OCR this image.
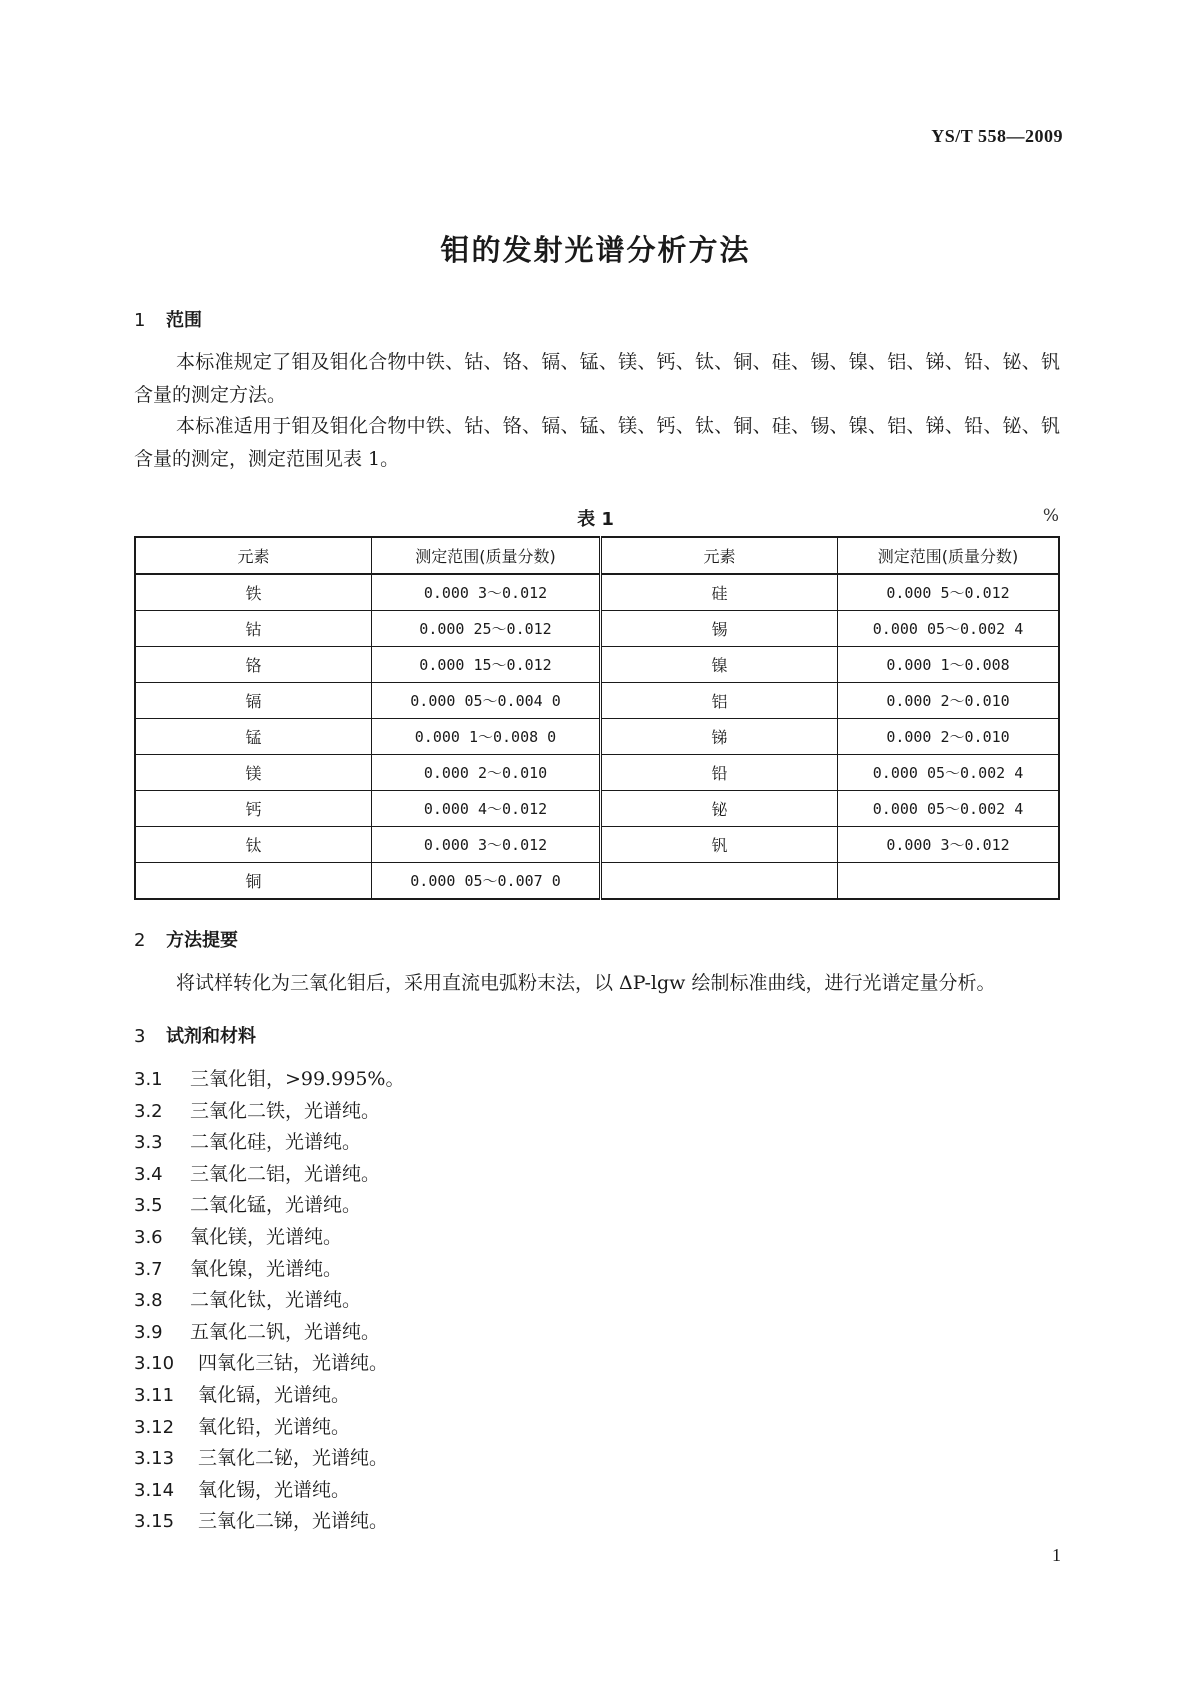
YS/T 558—2009
钼的发射光谱分析方法
1 范围
本标准规定了钼及钼化合物中铁、钴、铬、镉、锰、镁、钙、钛、铜、硅、锡、镍、铝、锑、铅、铋、钒含量的测定方法。
本标准适用于钼及钼化合物中铁、钴、铬、镉、锰、镁、钙、钛、铜、硅、锡、镍、铝、锑、铅、铋、钒含量的测定，测定范围见表 1。
表 1	%
元素	测定范围(质量分数)	元素	测定范围(质量分数)
铁	0.000 3～0.012	硅	0.000 5～0.012
钴	0.000 25～0.012	锡	0.000 05～0.002 4
铬	0.000 15～0.012	镍	0.000 1～0.008
镉	0.000 05～0.004 0	铝	0.000 2～0.010
锰	0.000 1～0.008 0	锑	0.000 2～0.010
镁	0.000 2～0.010	铅	0.000 05～0.002 4
钙	0.000 4～0.012	铋	0.000 05～0.002 4
钛	0.000 3～0.012	钒	0.000 3～0.012
铜	0.000 05～0.007 0		
2 方法提要
将试样转化为三氧化钼后，采用直流电弧粉末法，以 ΔP-lgw 绘制标准曲线，进行光谱定量分析。
3 试剂和材料
3.1 三氧化钼，>99.995%。
3.2 三氧化二铁，光谱纯。
3.3 二氧化硅，光谱纯。
3.4 三氧化二铝，光谱纯。
3.5 二氧化锰，光谱纯。
3.6 氧化镁，光谱纯。
3.7 氧化镍，光谱纯。
3.8 二氧化钛，光谱纯。
3.9 五氧化二钒，光谱纯。
3.10 四氧化三钴，光谱纯。
3.11 氧化镉，光谱纯。
3.12 氧化铅，光谱纯。
3.13 三氧化二铋，光谱纯。
3.14 氧化锡，光谱纯。
3.15 三氧化二锑，光谱纯。
1
